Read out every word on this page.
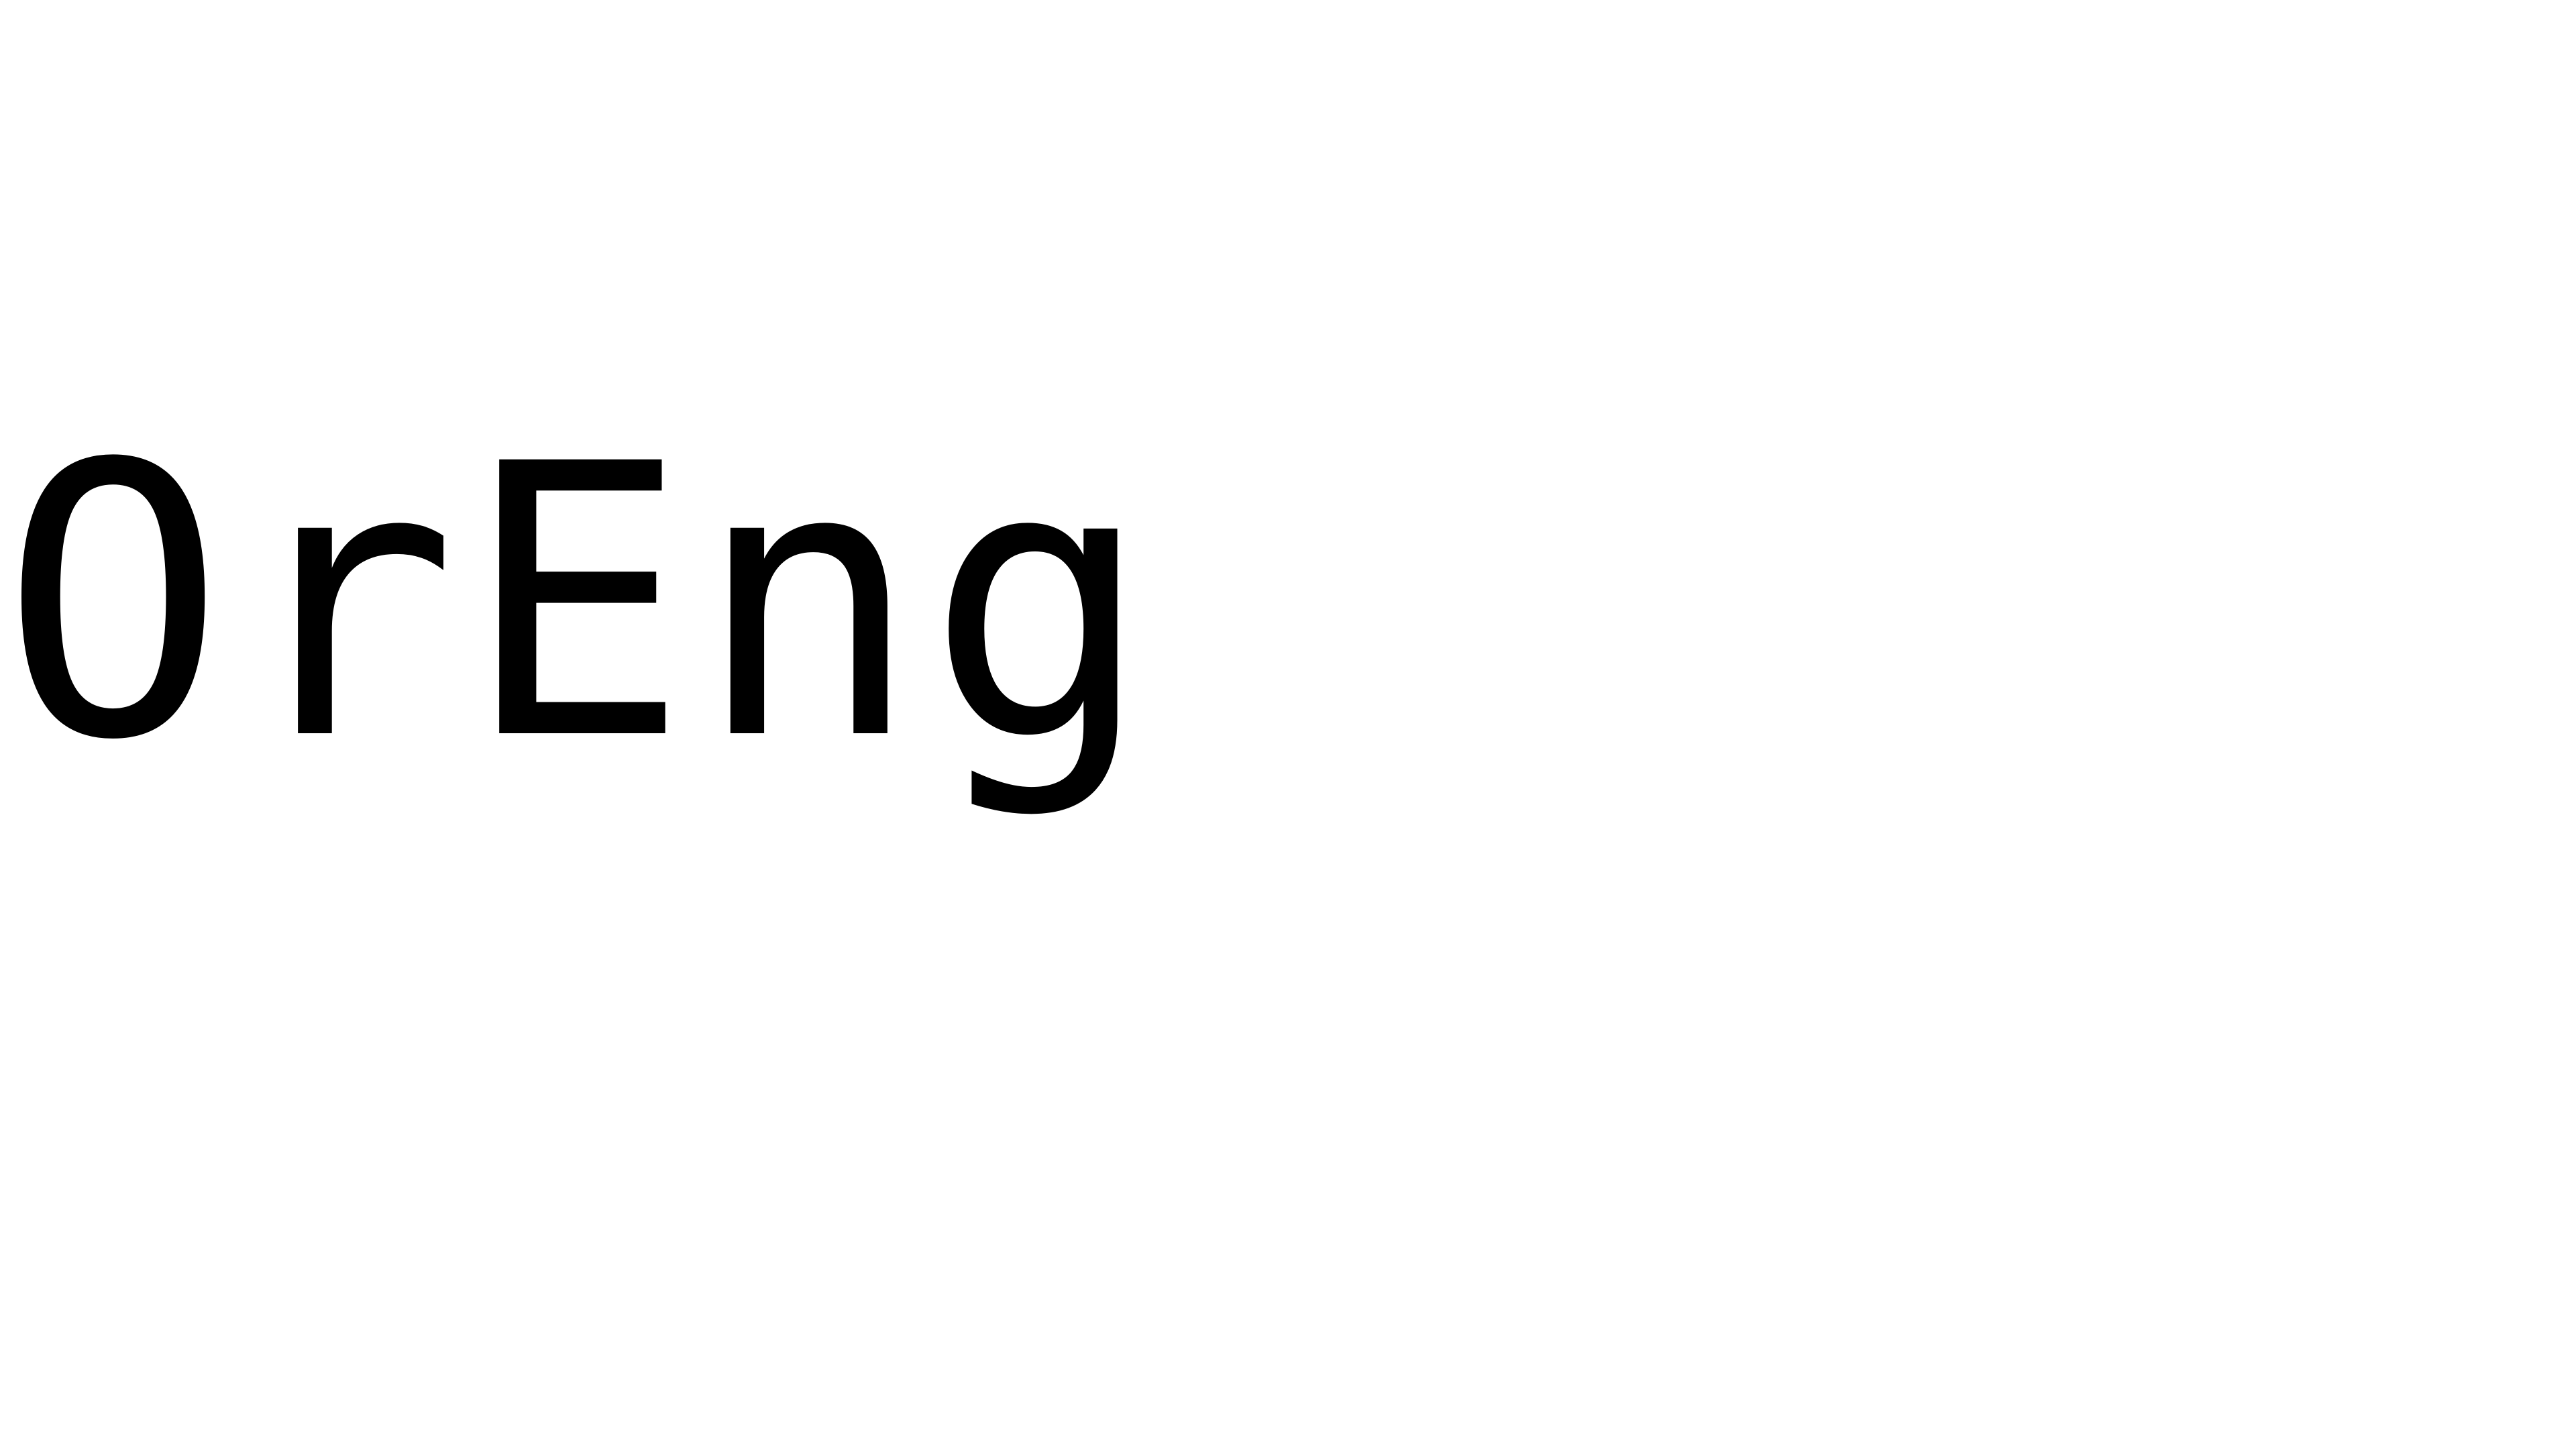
OrEng
